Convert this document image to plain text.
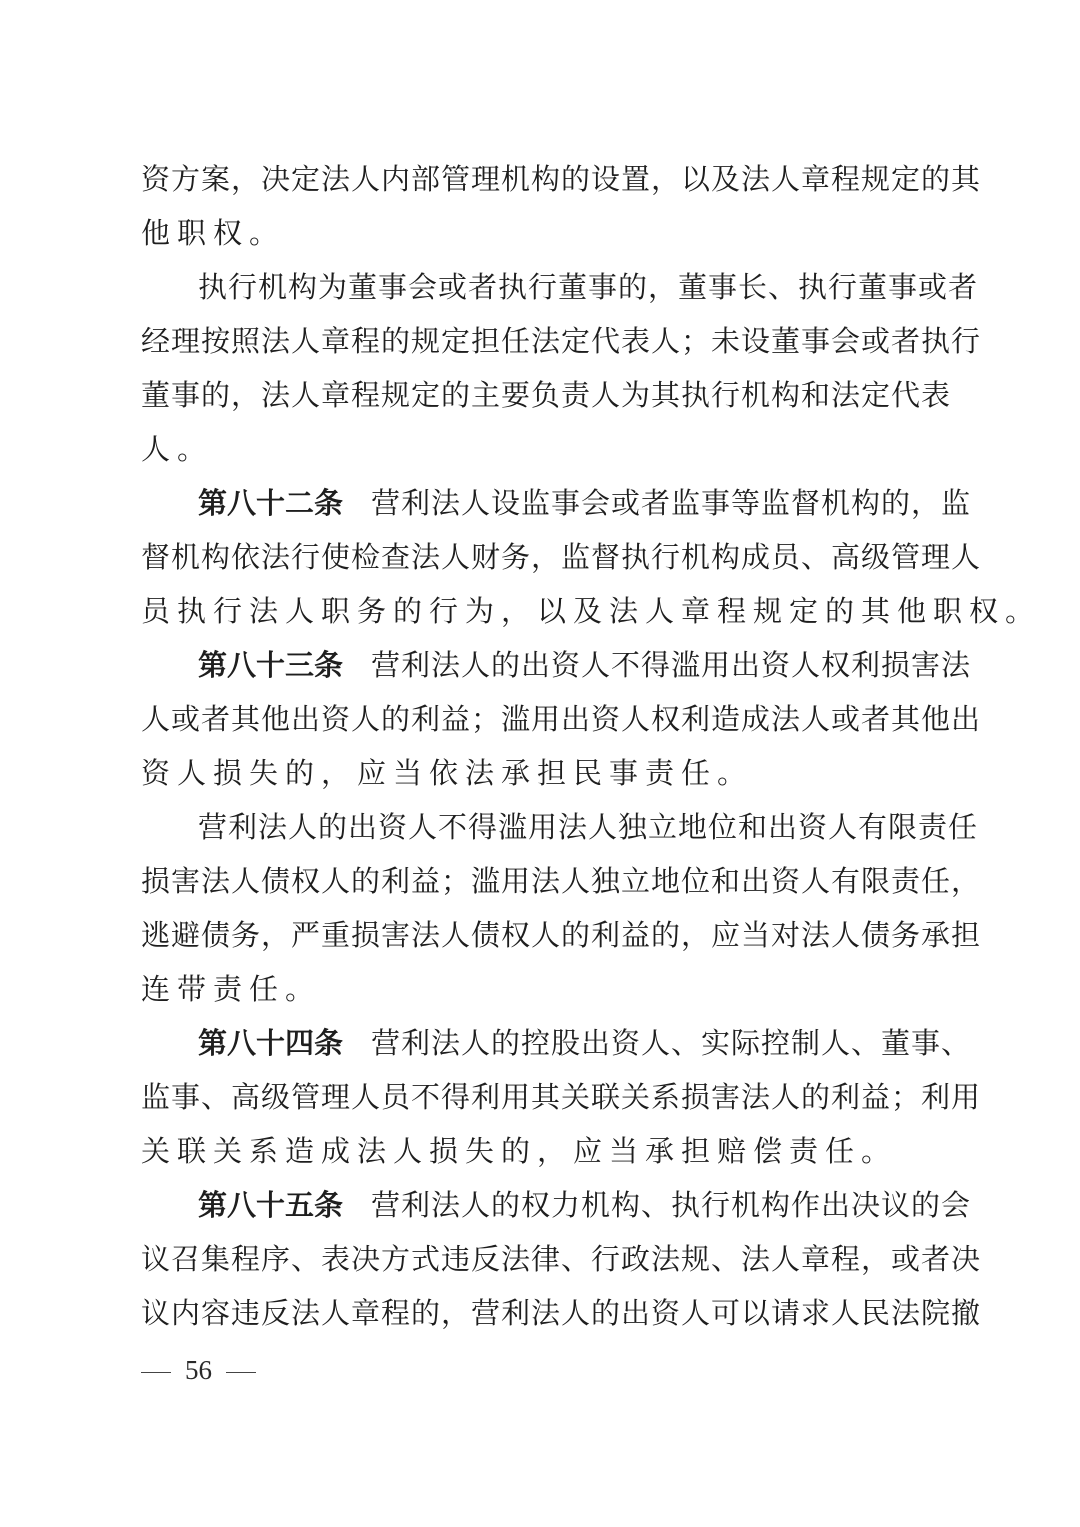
资方案，决定法人内部管理机构的设置，以及法人章程规定的其
他职权。
执行机构为董事会或者执行董事的，董事长、执行董事或者
经理按照法人章程的规定担任法定代表人；未设董事会或者执行
董事的，法人章程规定的主要负责人为其执行机构和法定代表
人。
第八十二条 营利法人设监事会或者监事等监督机构的，监
督机构依法行使检查法人财务，监督执行机构成员、高级管理人
员执行法人职务的行为，以及法人章程规定的其他职权。
第八十三条 营利法人的出资人不得滥用出资人权利损害法
人或者其他出资人的利益；滥用出资人权利造成法人或者其他出
资人损失的，应当依法承担民事责任。
营利法人的出资人不得滥用法人独立地位和出资人有限责任
损害法人债权人的利益；滥用法人独立地位和出资人有限责任，
逃避债务，严重损害法人债权人的利益的，应当对法人债务承担
连带责任。
第八十四条 营利法人的控股出资人、实际控制人、董事、
监事、高级管理人员不得利用其关联关系损害法人的利益；利用
关联关系造成法人损失的，应当承担赔偿责任。
第八十五条 营利法人的权力机构、执行机构作出决议的会
议召集程序、表决方式违反法律、行政法规、法人章程，或者决
议内容违反法人章程的，营利法人的出资人可以请求人民法院撤
56
